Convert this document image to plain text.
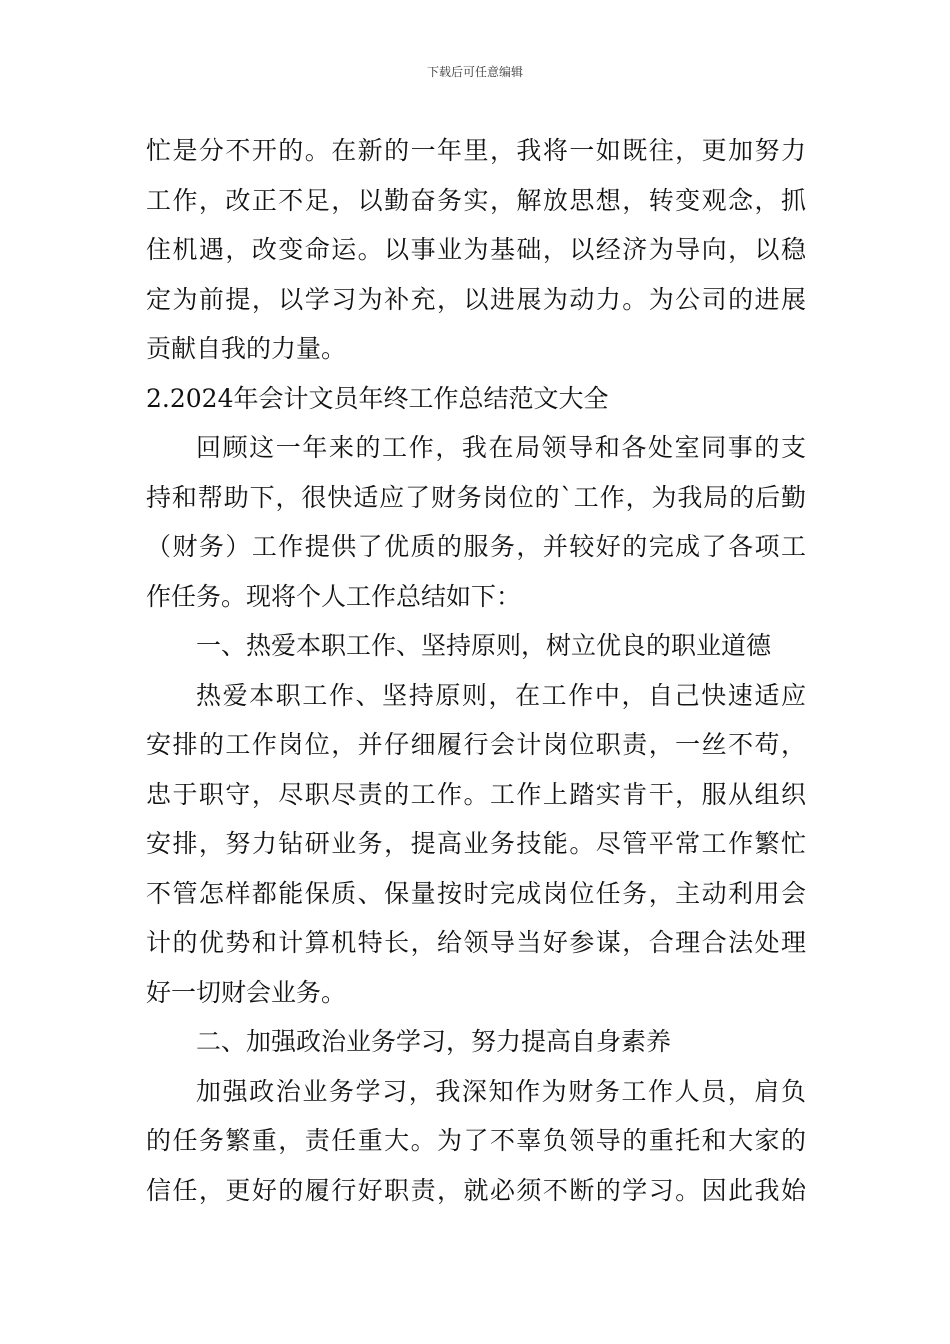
下载后可任意编辑
忙是分不开的。在新的一年里，我将一如既往，更加努力
工作，改正不足，以勤奋务实，解放思想，转变观念，抓
住机遇，改变命运。以事业为基础，以经济为导向，以稳
定为前提，以学习为补充，以进展为动力。为公司的进展
贡献自我的力量。
2.2024年会计文员年终工作总结范文大全
回顾这一年来的工作，我在局领导和各处室同事的支
持和帮助下，很快适应了财务岗位的`工作，为我局的后勤
（财务）工作提供了优质的服务，并较好的完成了各项工
作任务。现将个人工作总结如下：
一、热爱本职工作、坚持原则，树立优良的职业道德
热爱本职工作、坚持原则，在工作中，自己快速适应
安排的工作岗位，并仔细履行会计岗位职责，一丝不苟，
忠于职守，尽职尽责的工作。工作上踏实肯干，服从组织
安排，努力钻研业务，提高业务技能。尽管平常工作繁忙
不管怎样都能保质、保量按时完成岗位任务，主动利用会
计的优势和计算机特长，给领导当好参谋，合理合法处理
好一切财会业务。
二、加强政治业务学习，努力提高自身素养
加强政治业务学习，我深知作为财务工作人员，肩负
的任务繁重，责任重大。为了不辜负领导的重托和大家的
信任，更好的履行好职责，就必须不断的学习。因此我始
